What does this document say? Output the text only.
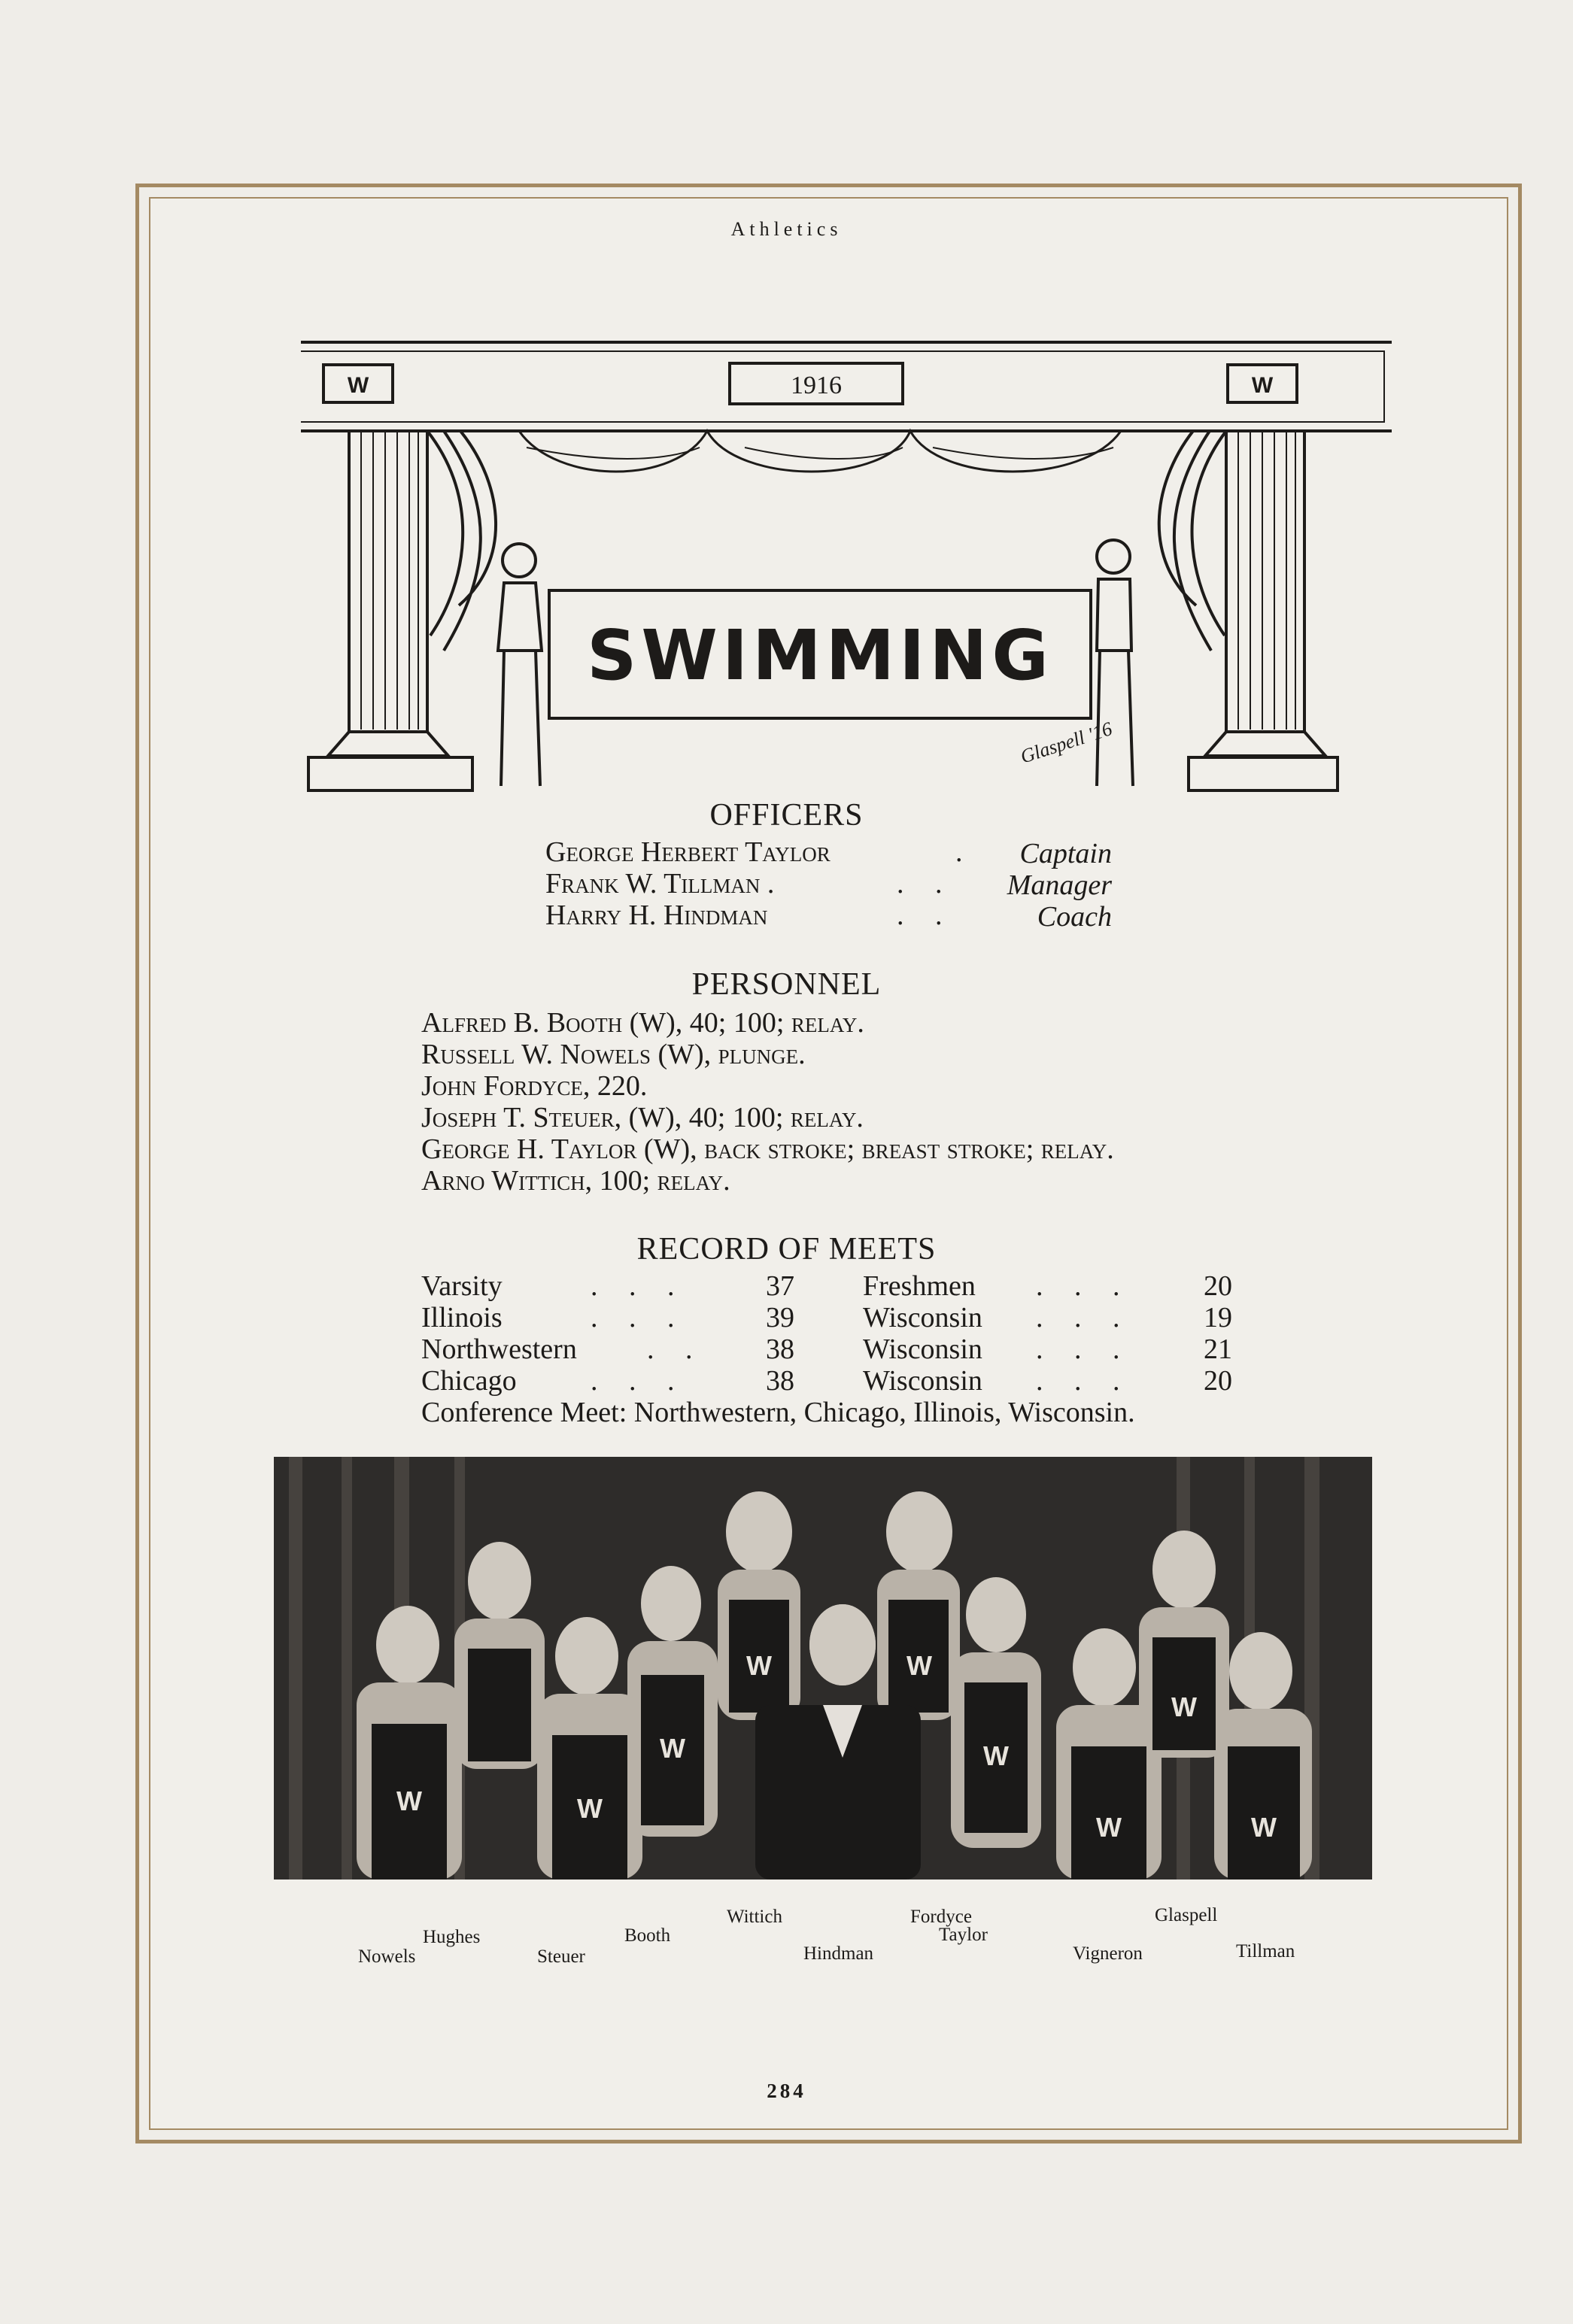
Athletics
1916
W	W
SWIMMING
Glaspell '16
OFFICERS
George Herbert Taylor	.	Captain
Frank W. Tillman .	. .	Manager
Harry H. Hindman	. .	Coach
PERSONNEL
Alfred B. Booth (W), 40; 100; relay.
Russell W. Nowels (W), plunge.
John Fordyce, 220.
Joseph T. Steuer, (W), 40; 100; relay.
George H. Taylor (W), back stroke; breast stroke; relay.
Arno Wittich, 100; relay.
RECORD OF MEETS
Varsity	. . .	37 Freshmen . . .	20
Illinois	. . .	39 Wisconsin . . .	19
Northwestern . . 38 Wisconsin . . .	21
Chicago	. . .	38 Wisconsin . . .	20
Conference Meet: Northwestern, Chicago, Illinois, Wisconsin.
W	W
W
W
W	W
W
W	W
Nowels
Hughes
Steuer
Booth
Wittich
Hindman
Fordyce
Taylor
Vigneron
Glaspell
Tillman
284
